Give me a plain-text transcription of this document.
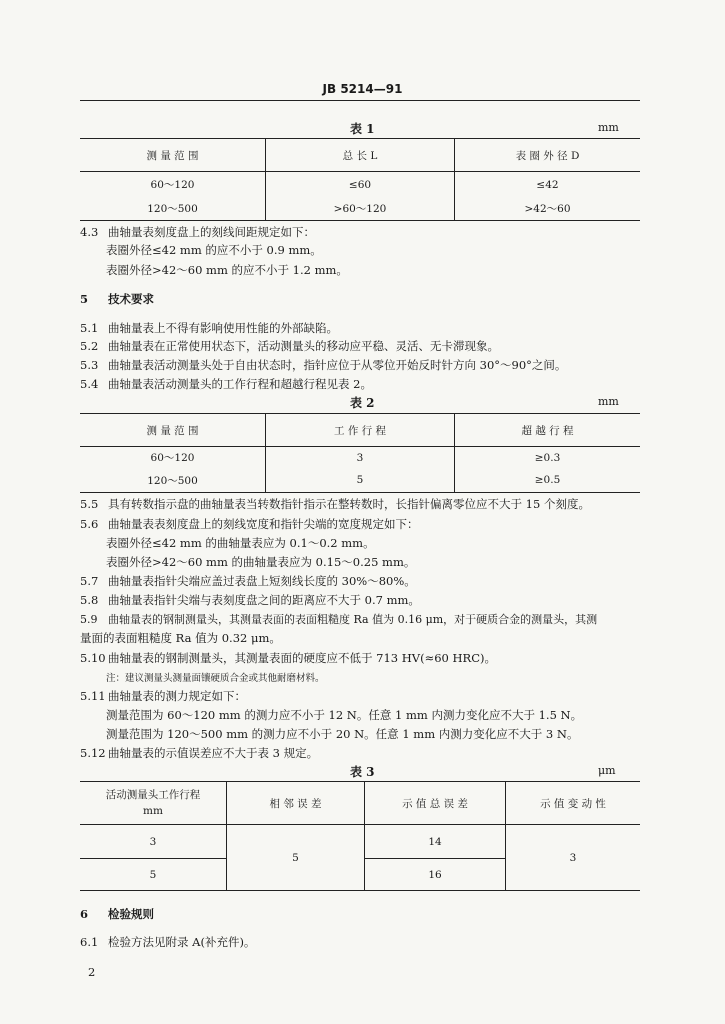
JB 5214—91
表 1	mm
测 量 范 围	总 长 L	表 圈 外 径 D
60～120	≤60	≤42
120～500	>60～120	>42～60
4.3 曲轴量表刻度盘上的刻线间距规定如下：
表圈外径≤42 mm 的应不小于 0.9 mm。
表圈外径>42～60 mm 的应不小于 1.2 mm。
5 技术要求
5.1 曲轴量表上不得有影响使用性能的外部缺陷。
5.2 曲轴量表在正常使用状态下，活动测量头的移动应平稳、灵活、无卡滞现象。
5.3 曲轴量表活动测量头处于自由状态时，指针应位于从零位开始反时针方向 30°～90°之间。
5.4 曲轴量表活动测量头的工作行程和超越行程见表 2。
表 2	mm
测 量 范 围	工 作 行 程	超 越 行 程
60～120	3	≥0.3
120～500	5	≥0.5
5.5 具有转数指示盘的曲轴量表当转数指针指示在整转数时，长指针偏离零位应不大于 15 个刻度。
5.6 曲轴量表表刻度盘上的刻线宽度和指针尖端的宽度规定如下：
表圈外径≤42 mm 的曲轴量表应为 0.1～0.2 mm。
表圈外径>42～60 mm 的曲轴量表应为 0.15～0.25 mm。
5.7 曲轴量表指针尖端应盖过表盘上短刻线长度的 30%～80%。
5.8 曲轴量表指针尖端与表刻度盘之间的距离应不大于 0.7 mm。
5.9 曲轴量表的钢制测量头，其测量表面的表面粗糙度 Ra 值为 0.16 μm，对于硬质合金的测量头，其测
量面的表面粗糙度 Ra 值为 0.32 μm。
5.10 曲轴量表的钢制测量头，其测量表面的硬度应不低于 713 HV(≈60 HRC)。
注：建议测量头测量面镶硬质合金或其他耐磨材料。
5.11 曲轴量表的测力规定如下：
测量范围为 60～120 mm 的测力应不小于 12 N。任意 1 mm 内测力变化应不大于 1.5 N。
测量范围为 120～500 mm 的测力应不小于 20 N。任意 1 mm 内测力变化应不大于 3 N。
5.12 曲轴量表的示值误差应不大于表 3 规定。
表 3	μm
活动测量头工作行程
mm	相 邻 误 差	示 值 总 误 差	示 值 变 动 性
3	5	14	3
5		16	
6 检验规则
6.1 检验方法见附录 A(补充件)。
2
